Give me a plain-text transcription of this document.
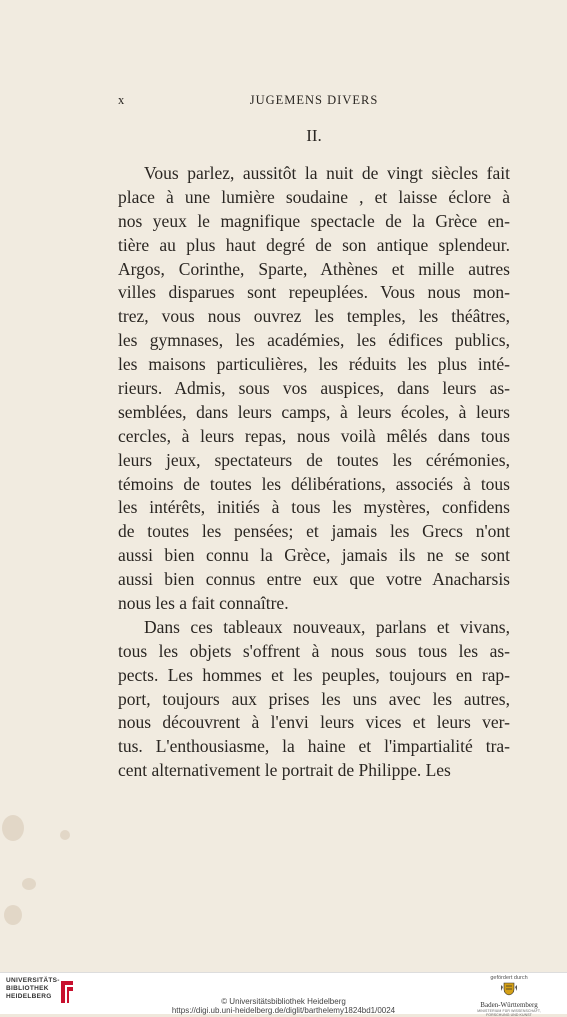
x	JUGEMENS DIVERS
II.
Vous parlez, aussitôt la nuit de vingt siècles fait
place à une lumière soudaine , et laisse éclore à
nos yeux le magnifique spectacle de la Grèce en-
tière au plus haut degré de son antique splendeur.
Argos, Corinthe, Sparte, Athènes et mille autres
villes disparues sont repeuplées. Vous nous mon-
trez, vous nous ouvrez les temples, les théâtres,
les gymnases, les académies, les édifices publics,
les maisons particulières, les réduits les plus inté-
rieurs. Admis, sous vos auspices, dans leurs as-
semblées, dans leurs camps, à leurs écoles, à leurs
cercles, à leurs repas, nous voilà mêlés dans tous
leurs jeux, spectateurs de toutes les cérémonies,
témoins de toutes les délibérations, associés à tous
les intérêts, initiés à tous les mystères, confidens
de toutes les pensées; et jamais les Grecs n'ont
aussi bien connu la Grèce, jamais ils ne se sont
aussi bien connus entre eux que votre Anacharsis
nous les a fait connaître.
Dans ces tableaux nouveaux, parlans et vivans,
tous les objets s'offrent à nous sous tous les as-
pects. Les hommes et les peuples, toujours en rap-
port, toujours aux prises les uns avec les autres,
nous découvrent à l'envi leurs vices et leurs ver-
tus. L'enthousiasme, la haine et l'impartialité tra-
cent alternativement le portrait de Philippe. Les
UNIVERSITÄTS-
BIBLIOTHEK
HEIDELBERG
© Universitätsbibliothek Heidelberg
https://digi.ub.uni-heidelberg.de/diglit/barthelemy1824bd1/0024
gefördert durch
Baden-Württemberg
MINISTERIUM FÜR WISSENSCHAFT, FORSCHUNG UND KUNST
